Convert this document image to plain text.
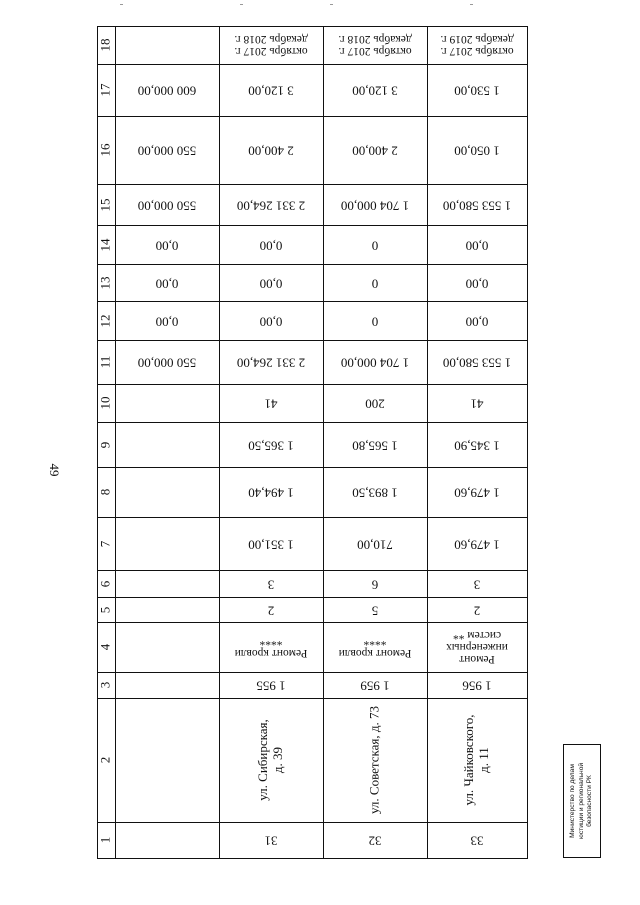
49
1
2
3
4
5
6
7
8
9
10
11
12
13
14
15
16
17
18
550 000,00
0,00
0,00
0,00
550 000,00
550 000,00
600 000,00
31
ул. Сибирская, д. 39
1 955
Ремонт кровли
****
2
3
1 351,00
1 494,40
1 365,50
41
2 331 264,00
0,00
0,00
0,00
2 331 264,00
2 400,00
3 120,00
октябрь 2017 г.
декабрь 2018 г.
32
ул. Советская, д. 73
1 959
Ремонт кровли
****
5
6
710,00
1 893,50
1 565,80
200
1 704 000,00
0
0
0
1 704 000,00
2 400,00
3 120,00
октябрь 2017 г.
декабрь 2018 г.
33
ул. Чайковского, д. 11
1 956
Ремонт
инженерных
систем **
2
3
1 479,60
1 479,60
1 345,90
41
1 553 580,00
0,00
0,00
0,00
1 553 580,00
1 050,00
1 530,00
октябрь 2017 г.
декабрь 2019 г.
Министерство по делам юстиции и региональной безопасности РК
